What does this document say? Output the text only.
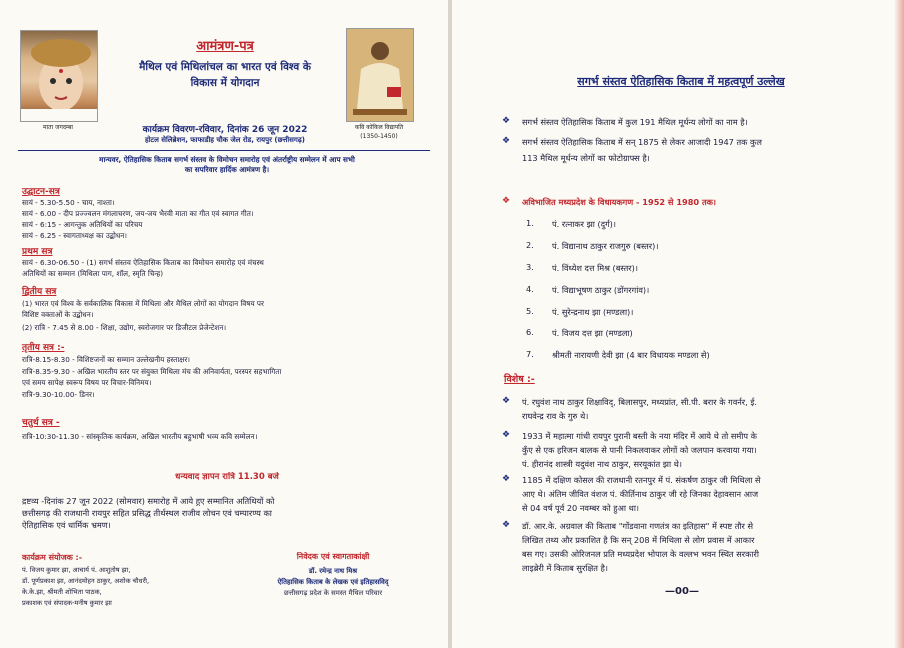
माता जगदम्बा	कवि कोकिल विद्यापति
(1350-1450)
आमंत्रण-पत्र
मैथिल एवं मिथिलांचल का भारत एवं विश्व के
विकास में योगदान
कार्यक्रम विवरण-रविवार, दिनांक 26 जून 2022
होटल सेलिब्रेशन, फाफाडीह चौक जेल रोड, रायपुर (छत्तीसगढ़)
मान्यवर, ऐतिहासिक किताब सगर्भ संस्तव के विमोचन समारोह एवं अंतर्राष्ट्रीय सम्मेलन में आप सभी
का सपरिवार हार्दिक आमंत्रण है।
उद्घाटन-सत्र
सायं - 5.30-5.50 - चाय, नाश्ता।
सायं - 6.00 - दीप प्रज्ज्वलन मंगलाचरण, जय-जय भैरवी माता का गीत एवं स्वागत गीत।
सायं - 6:15 - आगन्तुक अतिथियों का परिचय
सायं - 6.25 - स्वागताध्यक्ष का उद्बोधन।
प्रथम सत्र
सायं - 6.30-06.50 - (1) सगर्भ संस्तव ऐतिहासिक किताब का विमोचन समारोह एवं मंचस्थ
अतिथियों का सम्मान (मिथिला पाग, शॉल, स्मृति चिन्ह)
द्वितीय सत्र
(1) भारत एवं विश्व के सर्वकालिक विकास में मिथिला और मैथिल लोगों का योगदान विषय पर
विशिष्ट वक्ताओं के उद्बोधन।
(2) रात्रि - 7.45 से 8.00 - शिक्षा, उद्योग, स्वरोजगार पर डिजीटल प्रेजेन्टेशन।
तृतीय सत्र :-
रात्रि-8.15-8.30 - विशिष्टजनों का सम्मान उल्लेखनीय हस्ताक्षर।
रात्रि-8.35-9.30 - अखिल भारतीय स्तर पर संयुक्त मिथिला मंच की अनिवार्यता, परस्पर सहभागिता
एवं समय सापेक्ष स्वरूप विषय पर विचार-विनिमय।
रात्रि-9.30-10.00- डिनर।
चतुर्थ सत्र -
रात्रि-10:30-11.30 - सांस्कृतिक कार्यक्रम, अखिल भारतीय बहुभाषी भव्य कवि सम्मेलन।
धन्यवाद ज्ञापन रात्रि 11.30 बजे
द्रष्टव्य -दिनांक 27 जून 2022 (सोमवार) समारोह में आये हुए सम्मानित अतिथियों को
छत्तीसगढ़ की राजधानी रायपुर सहित प्रसिद्ध तीर्थस्थल राजीव लोचन एवं चम्पारण्य का
ऐतिहासिक एवं धार्मिक भ्रमण।
कार्यक्रम संयोजक :-
पं. विजय कुमार झा, आचार्य पं. आशुतोष झा,
डॉ. पूर्णप्रकाश झा, आनंदमोहन ठाकुर, अशोक चौधरी,
के.के.झा, श्रीमती शोभिता पाठक,
प्रकाशक एवं संपादक-मनीष कुमार झा
निवेदक एवं स्वागताकांक्षी
डॉ. रमेन्द्र नाथ मिश्र
ऐतिहासिक किताब के लेखक एवं इतिहासविद्
छत्तीसगढ़ प्रदेश के समस्त मैथिल परिवार
सगर्भ संस्तव ऐतिहासिक किताब में महत्वपूर्ण उल्लेख
❖ सगर्भ संस्तव ऐतिहासिक किताब में कुल 191 मैथिल मूर्धन्य लोगों का नाम है।
❖ सगर्भ संस्तव ऐतिहासिक किताब में सन् 1875 से लेकर आजादी 1947 तक कुल
113 मैथिल मूर्धन्य लोगों का फोटोग्राफ्स है।
❖ अविभाजित मध्यप्रदेश के विधायकगण - 1952 से 1980 तक।
1. पं. रत्नाकर झा (दुर्ग)।
2. पं. विद्यानाथ ठाकुर राजगुरु (बस्तर)।
3. पं. विंध्येश दत्त मिश्र (बस्तर)।
4. पं. विद्याभूषण ठाकुर (डोंगरगांव)।
5. पं. सुरेन्द्रनाथ झा (मण्डला)।
6. पं. विजय दत्त झा (मण्डला)
7. श्रीमती नारायणी देवी झा (4 बार विधायक मण्डला से)
विशेष :-
❖ पं. रघुवंश नाथ ठाकुर शिक्षाविद्, बिलासपुर, मध्यप्रांत, सी.पी. बरार के गवर्नर, ई.
राघवेन्द्र राव के गुरु थे।
❖ 1933 में महात्मा गांधी रायपुर पुरानी बस्ती के नया मंदिर में आये थे तो समीप के
कुँए से एक हरिजन बालक से पानी निकलवाकर लोगों को जलपान करवाया गया।
पं. हीरानंद शास्त्री यदुवंश नाथ ठाकुर, सरयूकांत झा थे।
❖ 1185 में दक्षिण कोसल की राजधानी रतनपुर में पं. संकर्षण ठाकुर जी मिथिला से
आए थे। अंतिम जीवित वंशज पं. कीर्तिनाथ ठाकुर जी रहे जिनका देहावसान आज
से 04 वर्ष पूर्व 20 नवम्बर को हुआ था।
❖ डॉ. आर.के. अग्रवाल की किताब "गोंडवाना गणतंत्र का इतिहास" में स्पष्ट तौर से
लिखित तथ्य और प्रकाशित है कि सन् 208 में मिथिला से लोग प्रवास में आकार
बस गए। उसकी ओरिजनल प्रति मध्यप्रदेश भोपाल के वल्लभ भवन स्थित सरकारी
लाइब्रेरी में किताब सुरक्षित है।
—00—
